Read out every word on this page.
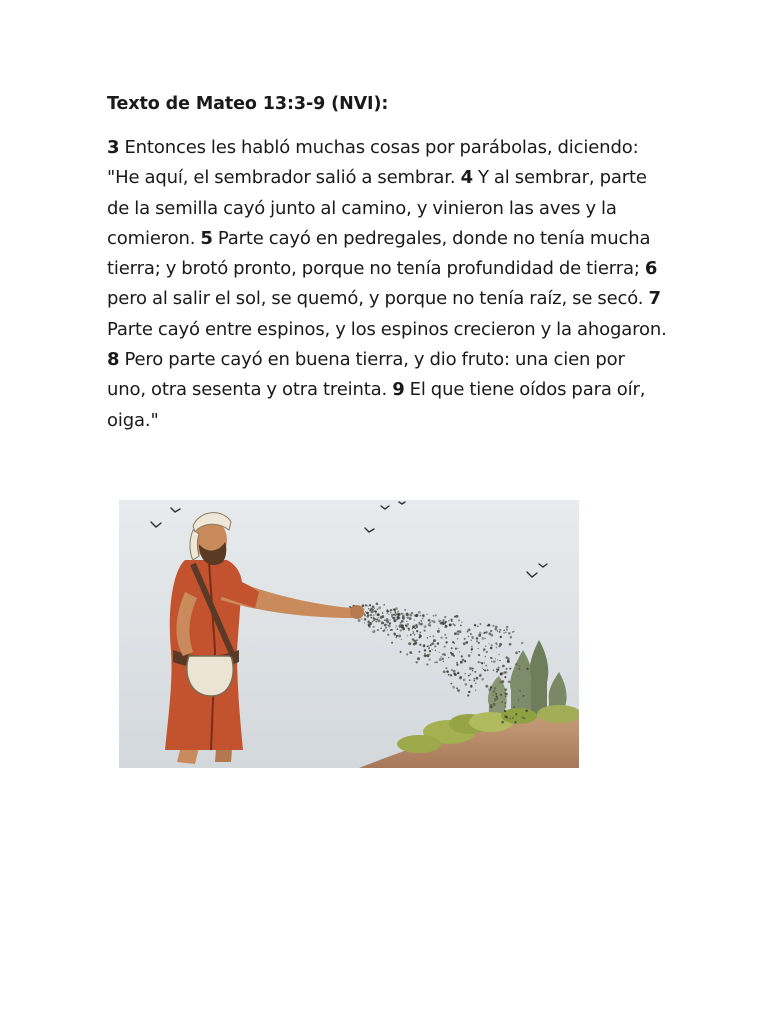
Texto de Mateo 13:3-9 (NVI):
3 Entonces les habló muchas cosas por parábolas, diciendo: "He aquí, el sembrador salió a sembrar. 4 Y al sembrar, parte de la semilla cayó junto al camino, y vinieron las aves y la comieron. 5 Parte cayó en pedregales, donde no tenía mucha tierra; y brotó pronto, porque no tenía profundidad de tierra; 6 pero al salir el sol, se quemó, y porque no tenía raíz, se secó. 7 Parte cayó entre espinos, y los espinos crecieron y la ahogaron. 8 Pero parte cayó en buena tierra, y dio fruto: una cien por uno, otra sesenta y otra treinta. 9 El que tiene oídos para oír, oiga."
